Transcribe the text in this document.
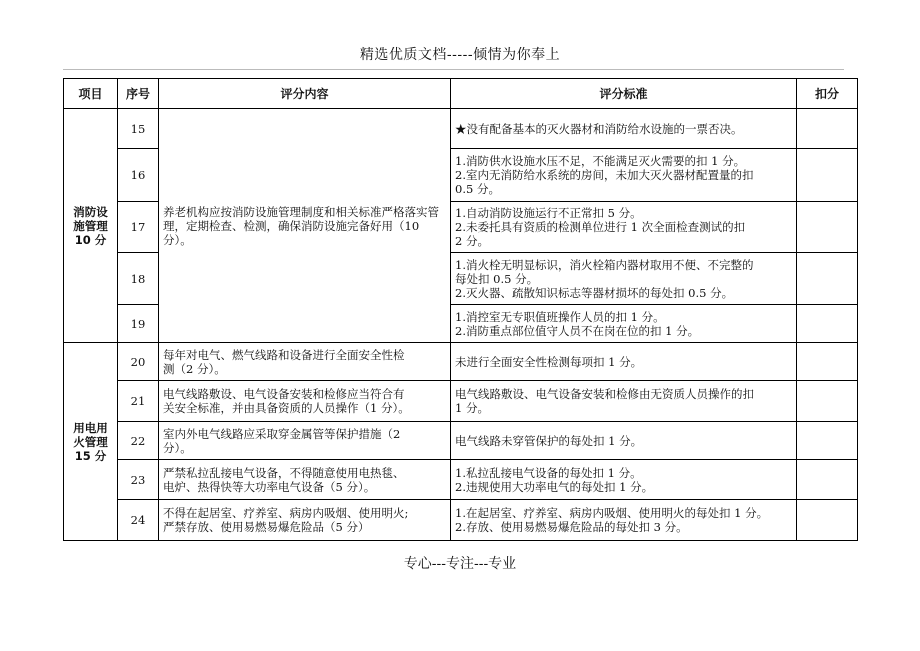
精选优质文档-----倾情为你奉上
项目	序号	评分内容	评分标准	扣分

消防设
施管理
10 分	15	养老机构应按消防设施管理制度和相关标准严格落实管理，定期检查、检测，确保消防设施完备好用（10 分）。	★没有配备基本的灭火器材和消防给水设施的一票否决。	

	16		1.消防供水设施水压不足，不能满足灭火需要的扣 1 分。
2.室内无消防给水系统的房间，未加大灭火器材配置量的扣
0.5 分。	

	17		1.自动消防设施运行不正常扣 5 分。
2.未委托具有资质的检测单位进行 1 次全面检查测试的扣
2 分。	

	18		1.消火栓无明显标识，消火栓箱内器材取用不便、不完整的
每处扣 0.5 分。
2.灭火器、疏散知识标志等器材损坏的每处扣 0.5 分。	

	19		1.消控室无专职值班操作人员的扣 1 分。
2.消防重点部位值守人员不在岗在位的扣 1 分。	

用电用
火管理
15 分	20	每年对电气、燃气线路和设备进行全面安全性检
测（2 分）。	未进行全面安全性检测每项扣 1 分。	

	21	电气线路敷设、电气设备安装和检修应当符合有
关安全标准，并由具备资质的人员操作（1 分）。	电气线路敷设、电气设备安装和检修由无资质人员操作的扣
1 分。	

	22	室内外电气线路应采取穿金属管等保护措施（2
分）。	电气线路未穿管保护的每处扣 1 分。	

	23	严禁私拉乱接电气设备，不得随意使用电热毯、
电炉、热得快等大功率电气设备（5 分）。	1.私拉乱接电气设备的每处扣 1 分。
2.违规使用大功率电气的每处扣 1 分。	

	24	不得在起居室、疗养室、病房内吸烟、使用明火;
严禁存放、使用易燃易爆危险品（5 分）	1.在起居室、疗养室、病房内吸烟、使用明火的每处扣 1 分。
2.存放、使用易燃易爆危险品的每处扣 3 分。	

专心---专注---专业
